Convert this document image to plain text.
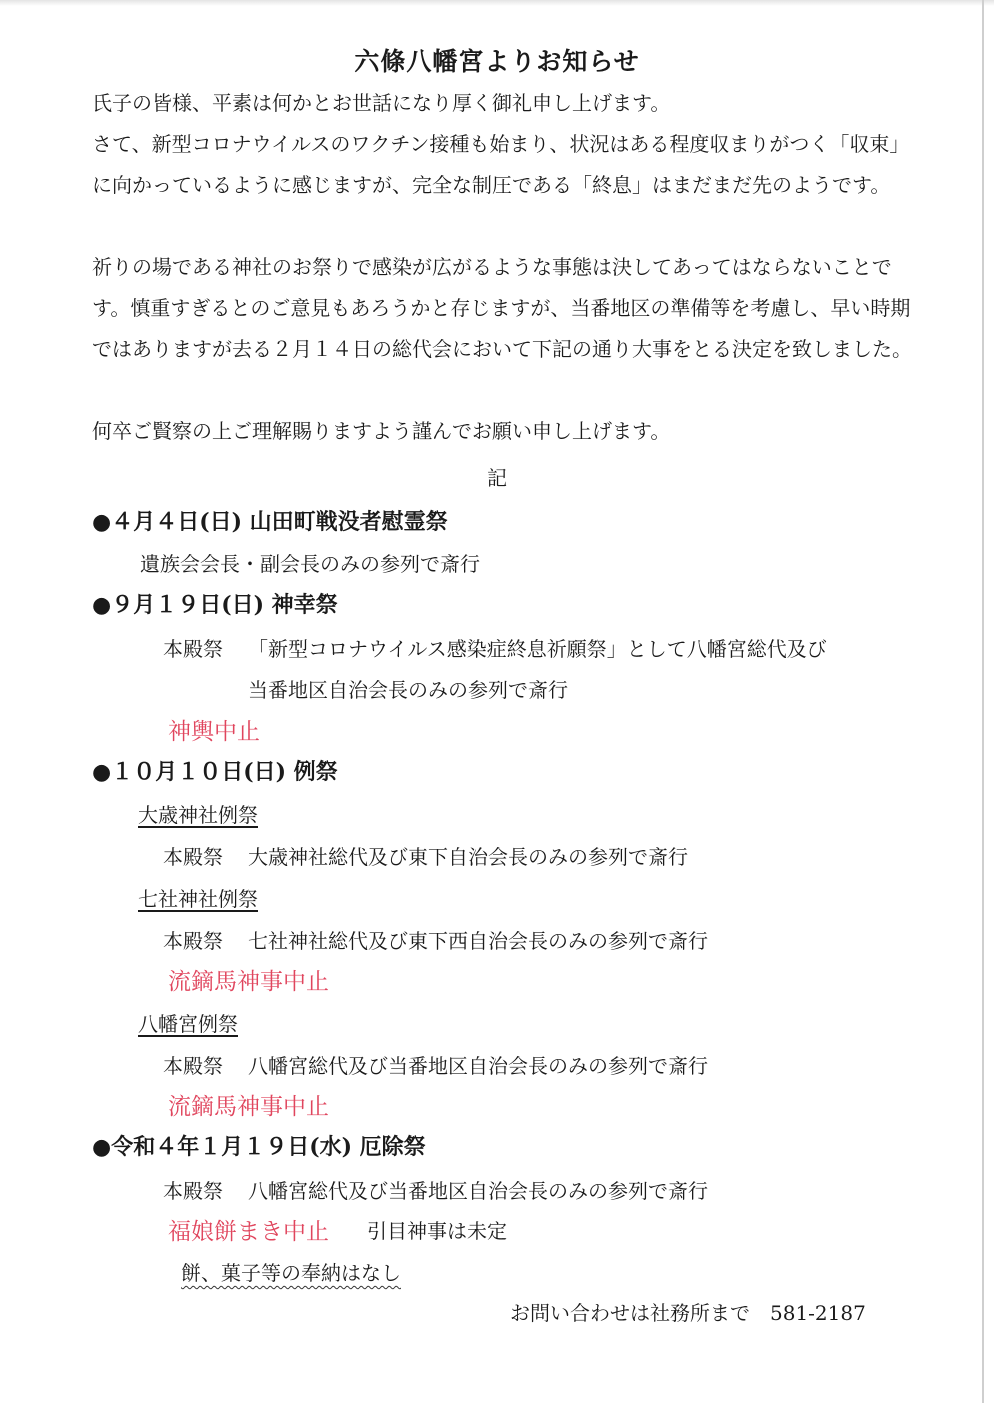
六條八幡宮よりお知らせ
氏子の皆様、平素は何かとお世話になり厚く御礼申し上げます。
さて、新型コロナウイルスのワクチン接種も始まり、状況はある程度収まりがつく「収束」に向かっているように感じますが、完全な制圧である「終息」はまだまだ先のようです。
祈りの場である神社のお祭りで感染が広がるような事態は決してあってはならないことです。慎重すぎるとのご意見もあろうかと存じますが、当番地区の準備等を考慮し、早い時期ではありますが去る２月１４日の総代会において下記の通り大事をとる決定を致しました。
何卒ご賢察の上ご理解賜りますよう謹んでお願い申し上げます。
記
●４月４日(日) 山田町戦没者慰霊祭
遺族会会長・副会長のみの参列で斎行
●９月１９日(日) 神幸祭
本殿祭 「新型コロナウイルス感染症終息祈願祭」として八幡宮総代及び
当番地区自治会長のみの参列で斎行
神輿中止
●１０月１０日(日) 例祭
大歳神社例祭
本殿祭 大歳神社総代及び東下自治会長のみの参列で斎行
七社神社例祭
本殿祭 七社神社総代及び東下西自治会長のみの参列で斎行
流鏑馬神事中止
八幡宮例祭
本殿祭 八幡宮総代及び当番地区自治会長のみの参列で斎行
流鏑馬神事中止
●令和４年１月１９日(水) 厄除祭
本殿祭 八幡宮総代及び当番地区自治会長のみの参列で斎行
福娘餅まき中止 引目神事は未定
餅、菓子等の奉納はなし
お問い合わせは社務所まで　581-2187
